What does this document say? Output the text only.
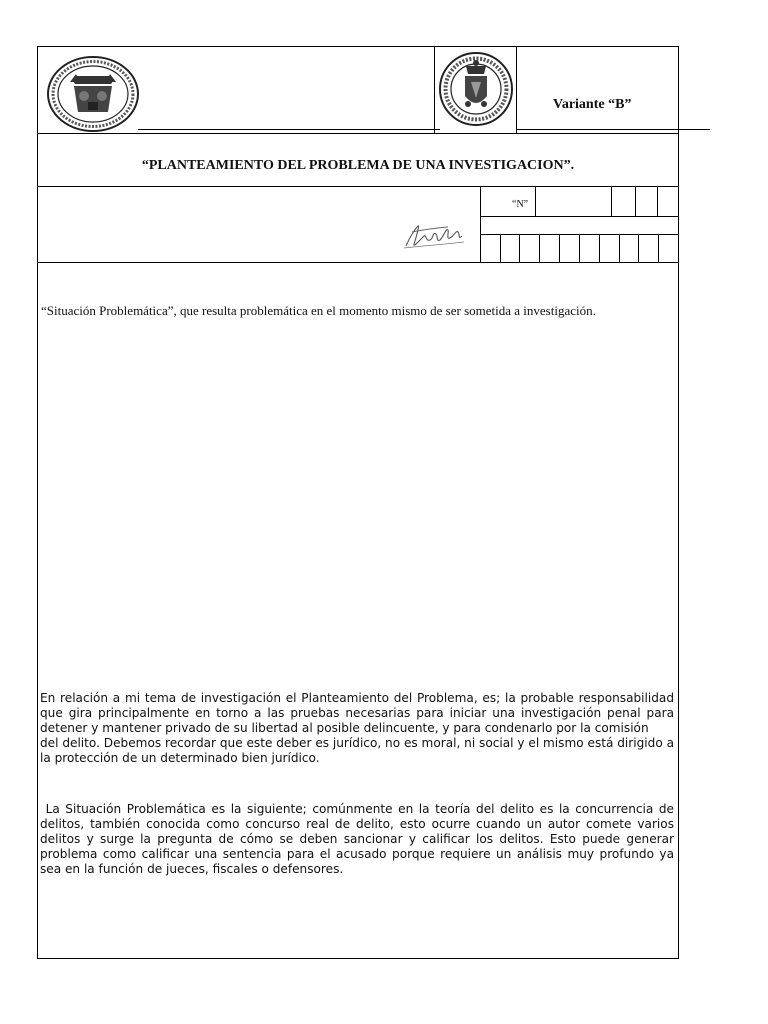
Variante “B”
“PLANTEAMIENTO DEL PROBLEMA DE UNA INVESTIGACION”.
“N”
“Situación Problemática”, que resulta problemática en el momento mismo de ser sometida a investigación.

En relación a mi tema de investigación el Planteamiento del Problema, es; la probable responsabilidad que gira principalmente en torno a las pruebas necesarias para iniciar una investigación penal para detener y mantener privado de su libertad al posible delincuente, y para condenarlo por la comisión

del delito. Debemos recordar que este deber es jurídico, no es moral, ni social y el mismo está dirigido a la protección de un determinado bien jurídico.

La Situación Problemática es la siguiente; comúnmente en la teoría del delito es la concurrencia de delitos, también conocida como concurso real de delito, esto ocurre cuando un autor comete varios delitos y surge la pregunta de cómo se deben sancionar y calificar los delitos. Esto puede generar problema como calificar una sentencia para el acusado porque requiere un análisis muy profundo ya sea en la función de jueces, fiscales o defensores.
